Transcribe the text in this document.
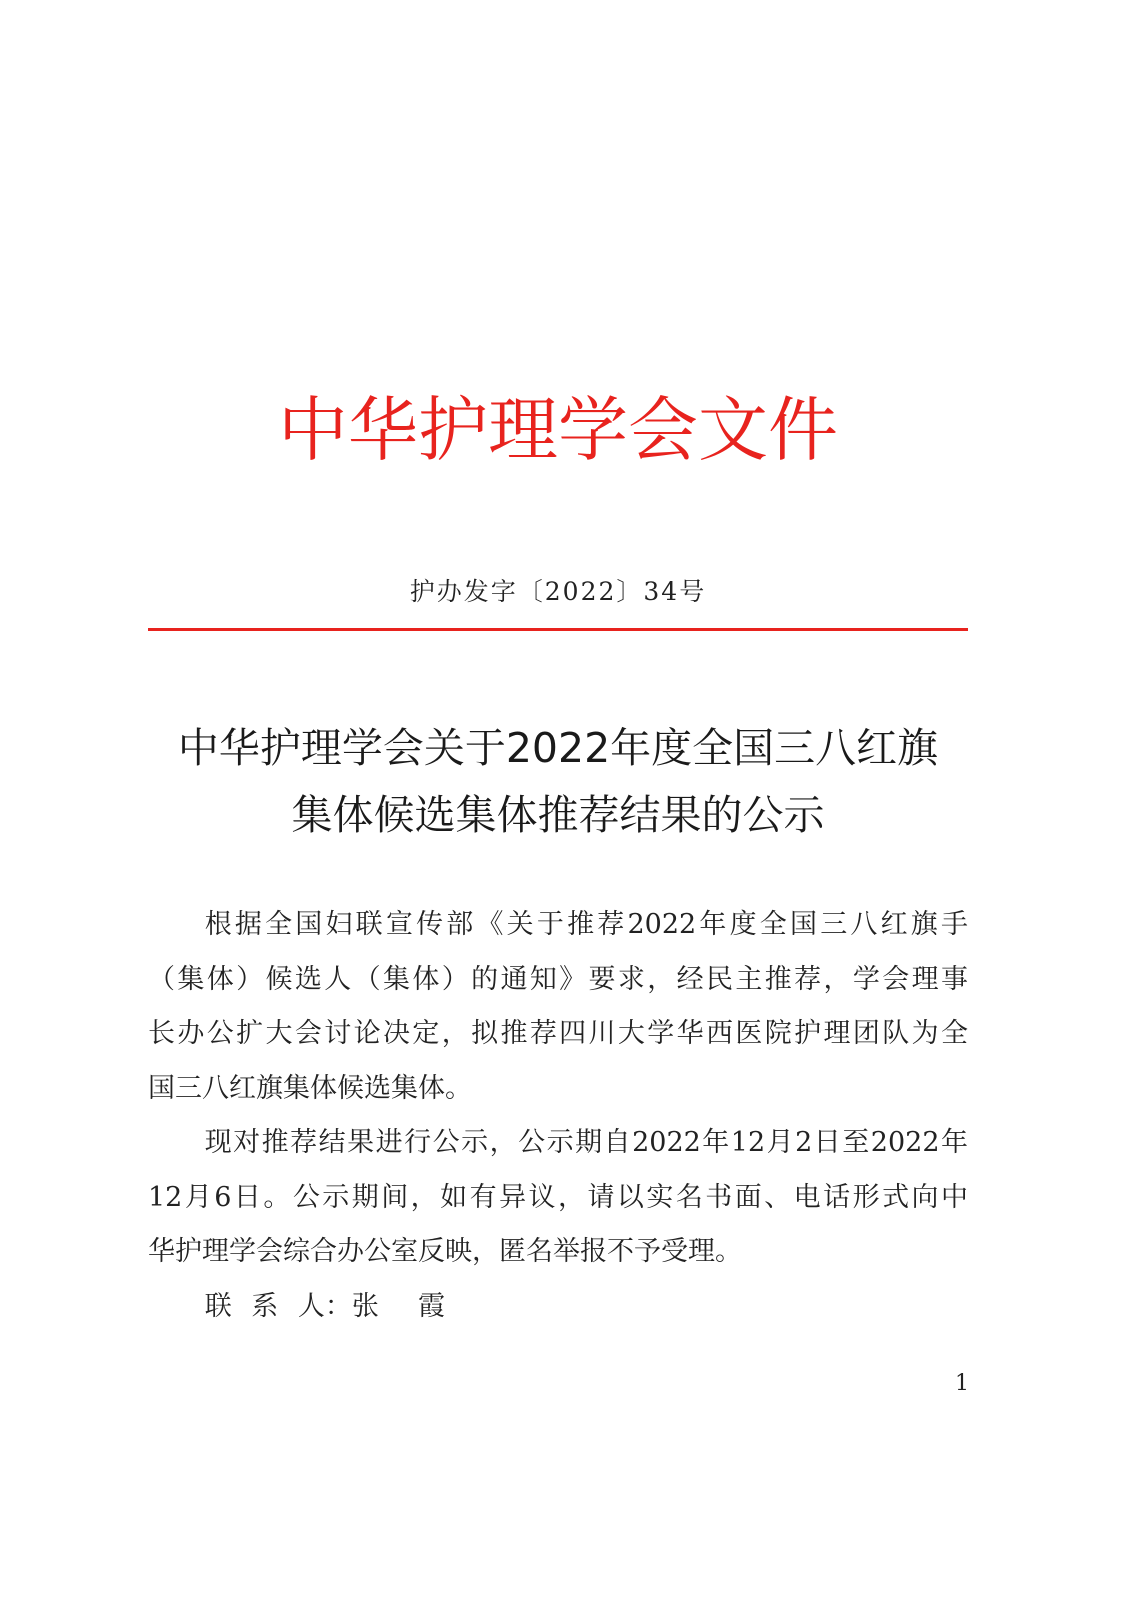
中华护理学会文件
护办发字〔2022〕34号
中华护理学会关于2022年度全国三八红旗
集体候选集体推荐结果的公示
根据全国妇联宣传部《关于推荐2022年度全国三八红旗手
（集体）候选人（集体）的通知》要求，经民主推荐，学会理事
长办公扩大会讨论决定，拟推荐四川大学华西医院护理团队为全
国三八红旗集体候选集体。
现对推荐结果进行公示，公示期自2022年12月2日至2022年
12月6日。公示期间，如有异议，请以实名书面、电话形式向中
华护理学会综合办公室反映，匿名举报不予受理。
联 系 人：张  霞
1
